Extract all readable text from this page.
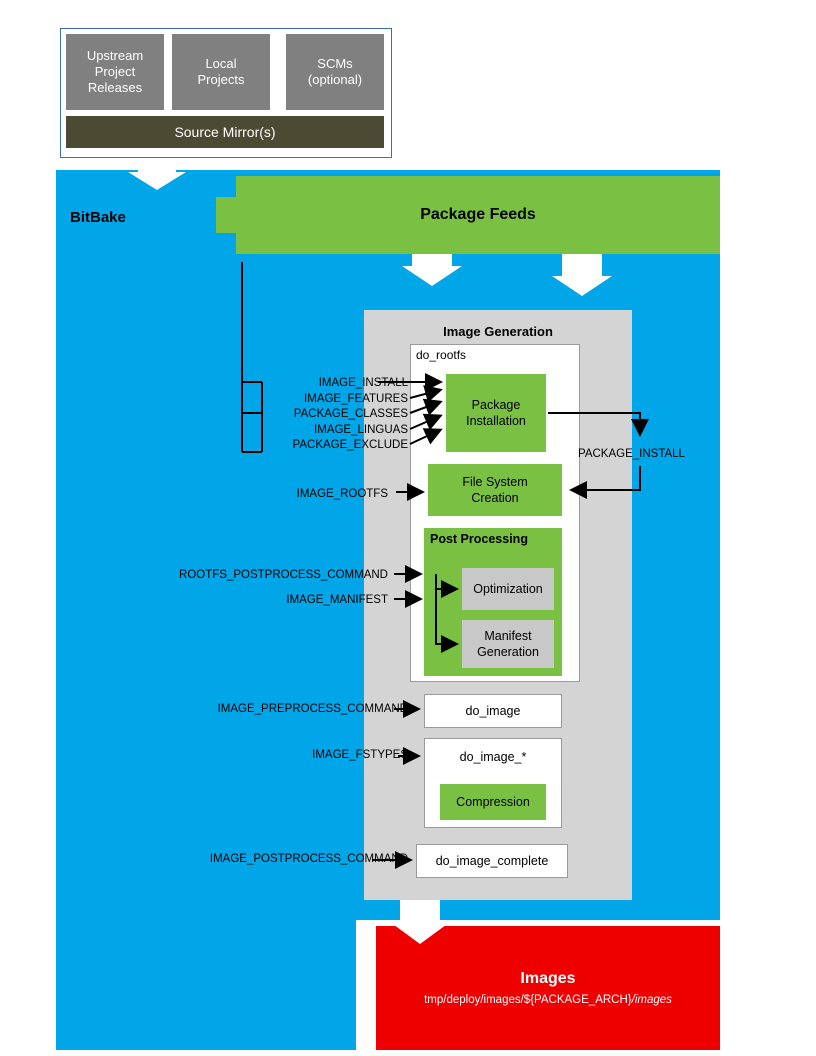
Upstream
Project
Releases
Local
Projects
SCMs
(optional)
Source Mirror(s)
BitBake	Package Feeds
Image Generation
do_rootfs
Package
Installation
File System
Creation
Post Processing
Optimization
Manifest
Generation
do_image
do_image_*
Compression
do_image_complete
PACKAGE_INSTALL
IMAGE_INSTALL
IMAGE_FEATURES
PACKAGE_CLASSES
IMAGE_LINGUAS
PACKAGE_EXCLUDE
IMAGE_ROOTFS
ROOTFS_POSTPROCESS_COMMAND
IMAGE_MANIFEST
IMAGE_PREPROCESS_COMMAND
IMAGE_FSTYPES
IMAGE_POSTPROCESS_COMMAND
Images
tmp/deploy/images/${PACKAGE_ARCH}/images
